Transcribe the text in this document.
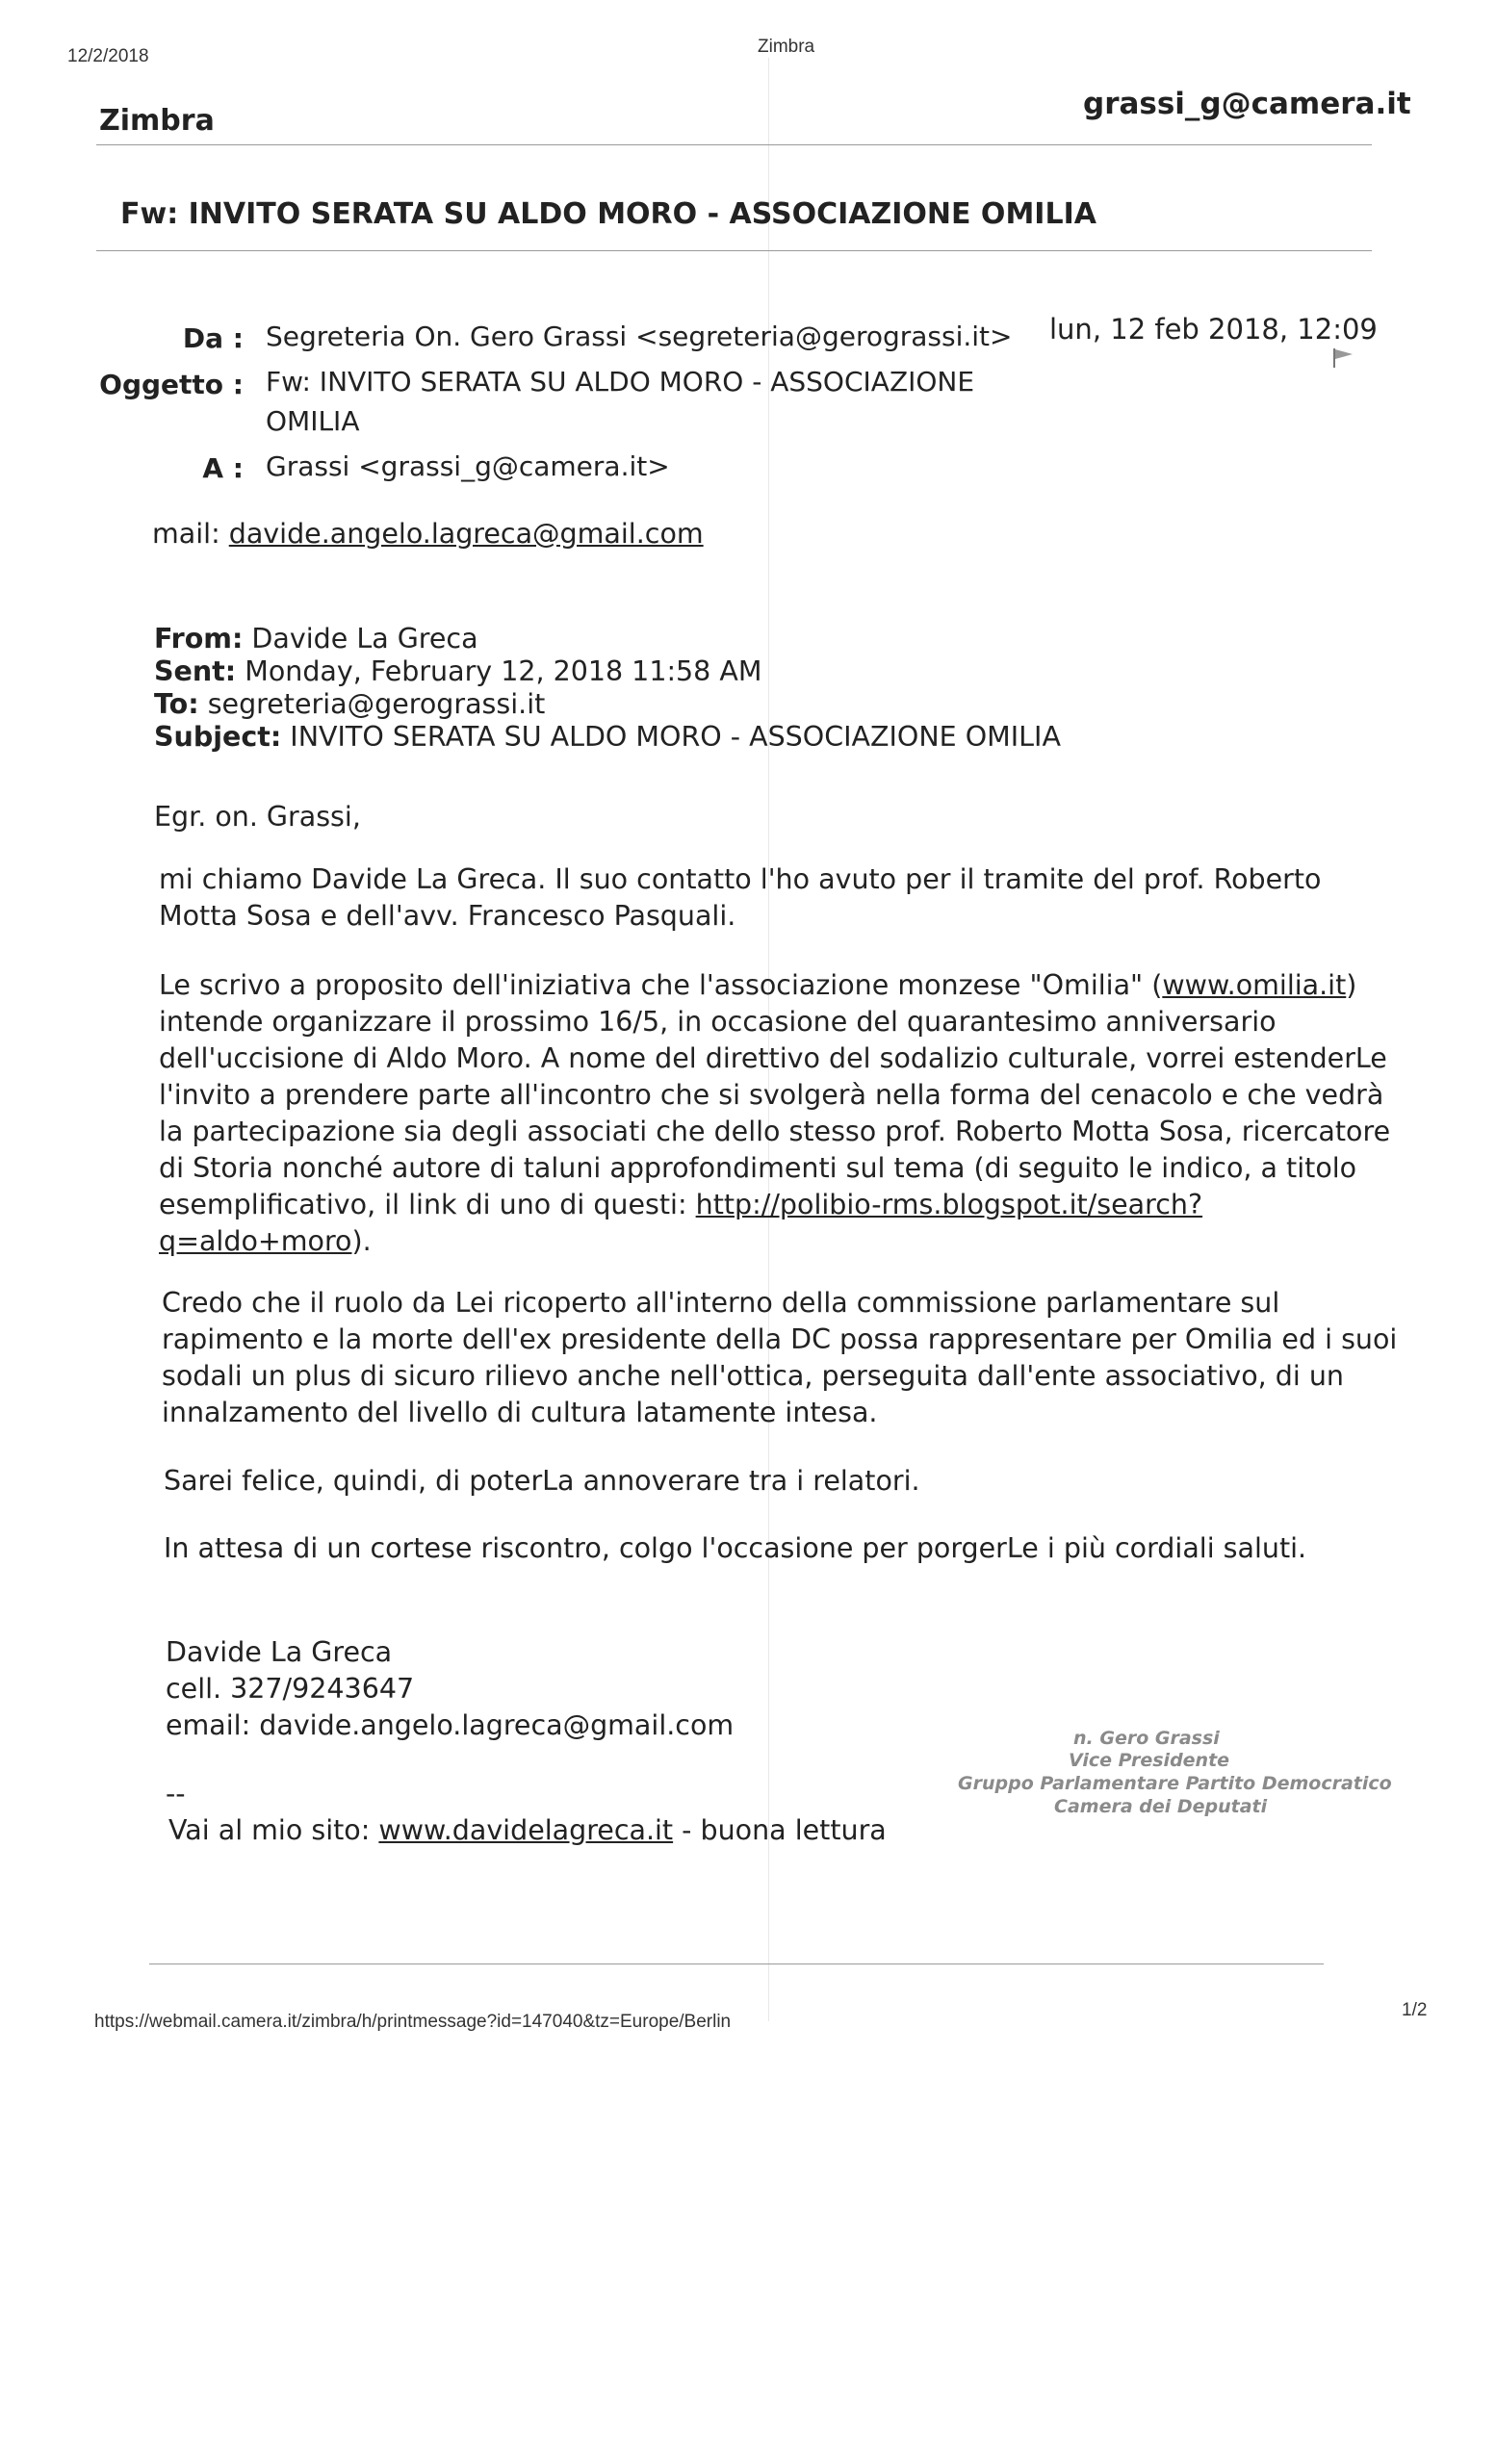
12/2/2018	Zimbra
Zimbra	grassi_g@camera.it
Fw: INVITO SERATA SU ALDO MORO - ASSOCIAZIONE OMILIA
Da : Segreteria On. Gero Grassi <segreteria@gerograssi.it>
Oggetto : Fw: INVITO SERATA SU ALDO MORO - ASSOCIAZIONE
OMILIA
A : Grassi <grassi_g@camera.it>
lun, 12 feb 2018, 12:09
mail: davide.angelo.lagreca@gmail.com
From: Davide La Greca
Sent: Monday, February 12, 2018 11:58 AM
To: segreteria@gerograssi.it
Subject: INVITO SERATA SU ALDO MORO - ASSOCIAZIONE OMILIA
Egr. on. Grassi,
mi chiamo Davide La Greca. Il suo contatto l'ho avuto per il tramite del prof. Roberto
Motta Sosa e dell'avv. Francesco Pasquali.
Le scrivo a proposito dell'iniziativa che l'associazione monzese "Omilia" (www.omilia.it)
intende organizzare il prossimo 16/5, in occasione del quarantesimo anniversario
dell'uccisione di Aldo Moro. A nome del direttivo del sodalizio culturale, vorrei estenderLe
l'invito a prendere parte all'incontro che si svolgerà nella forma del cenacolo e che vedrà
la partecipazione sia degli associati che dello stesso prof. Roberto Motta Sosa, ricercatore
di Storia nonché autore di taluni approfondimenti sul tema (di seguito le indico, a titolo
esemplificativo, il link di uno di questi: http://polibio-rms.blogspot.it/search?
q=aldo+moro).
Credo che il ruolo da Lei ricoperto all'interno della commissione parlamentare sul
rapimento e la morte dell'ex presidente della DC possa rappresentare per Omilia ed i suoi
sodali un plus di sicuro rilievo anche nell'ottica, perseguita dall'ente associativo, di un
innalzamento del livello di cultura latamente intesa.
Sarei felice, quindi, di poterLa annoverare tra i relatori.
In attesa di un cortese riscontro, colgo l'occasione per porgerLe i più cordiali saluti.
Davide La Greca
cell. 327/9243647
email: davide.angelo.lagreca@gmail.com
--
Vai al mio sito: www.davidelagreca.it - buona lettura
n. Gero Grassi
Vice Presidente
Gruppo Parlamentare Partito Democratico
Camera dei Deputati
https://webmail.camera.it/zimbra/h/printmessage?id=147040&tz=Europe/Berlin
1/2
